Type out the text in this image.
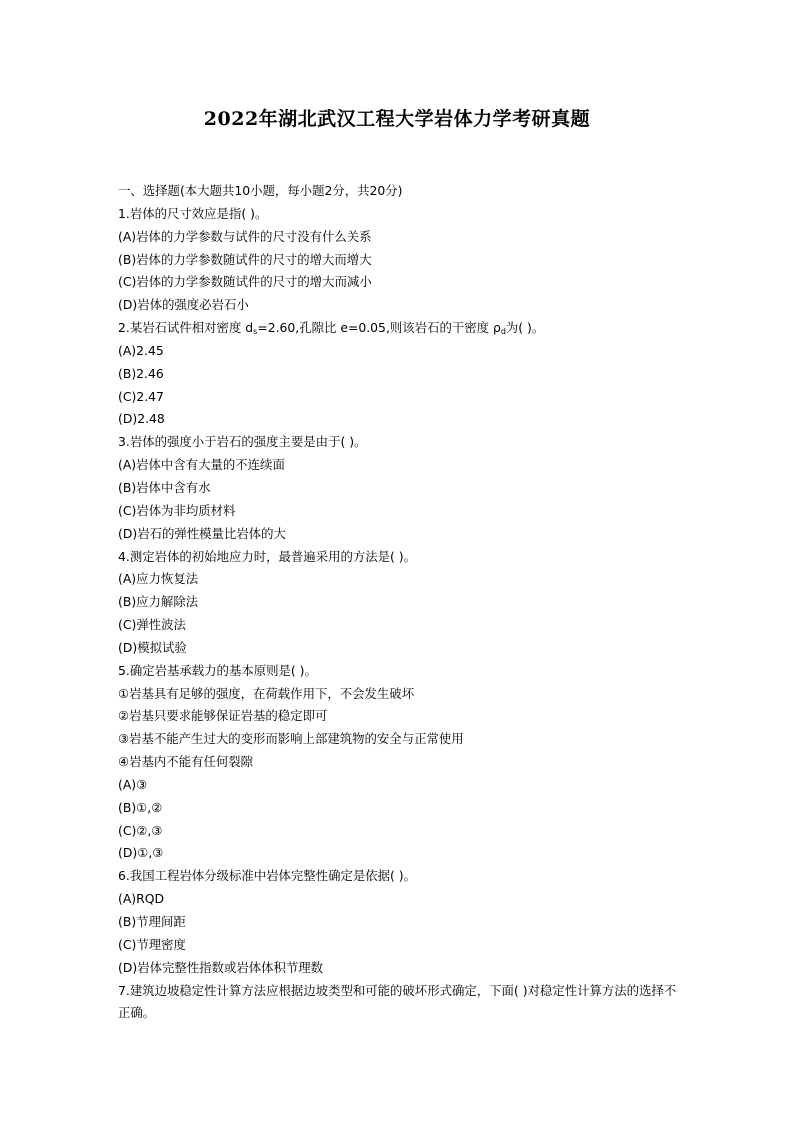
2022年湖北武汉工程大学岩体力学考研真题
一、选择题(本大题共10小题，每小题2分，共20分)
1.岩体的尺寸效应是指( )。
(A)岩体的力学参数与试件的尺寸没有什么关系
(B)岩体的力学参数随试件的尺寸的增大而增大
(C)岩体的力学参数随试件的尺寸的增大而减小
(D)岩体的强度必岩石小
2.某岩石试件相对密度 $d_s=2.60$,孔隙比 e=0.05,则该岩石的干密度 $\rho_d$为( )。
(A)2.45
(B)2.46
(C)2.47
(D)2.48
3.岩体的强度小于岩石的强度主要是由于( )。
(A)岩体中含有大量的不连续面
(B)岩体中含有水
(C)岩体为非均质材料
(D)岩石的弹性模量比岩体的大
4.测定岩体的初始地应力时，最普遍采用的方法是( )。
(A)应力恢复法
(B)应力解除法
(C)弹性波法
(D)模拟试验
5.确定岩基承载力的基本原则是( )。
①岩基具有足够的强度，在荷载作用下，不会发生破坏
②岩基只要求能够保证岩基的稳定即可
③岩基不能产生过大的变形而影响上部建筑物的安全与正常使用
④岩基内不能有任何裂隙
(A)③
(B)①,②
(C)②,③
(D)①,③
6.我国工程岩体分级标准中岩体完整性确定是依据( )。
(A)RQD
(B)节理间距
(C)节理密度
(D)岩体完整性指数或岩体体积节理数
7.建筑边坡稳定性计算方法应根据边坡类型和可能的破坏形式确定，下面( )对稳定性计算方法的选择不正确。
